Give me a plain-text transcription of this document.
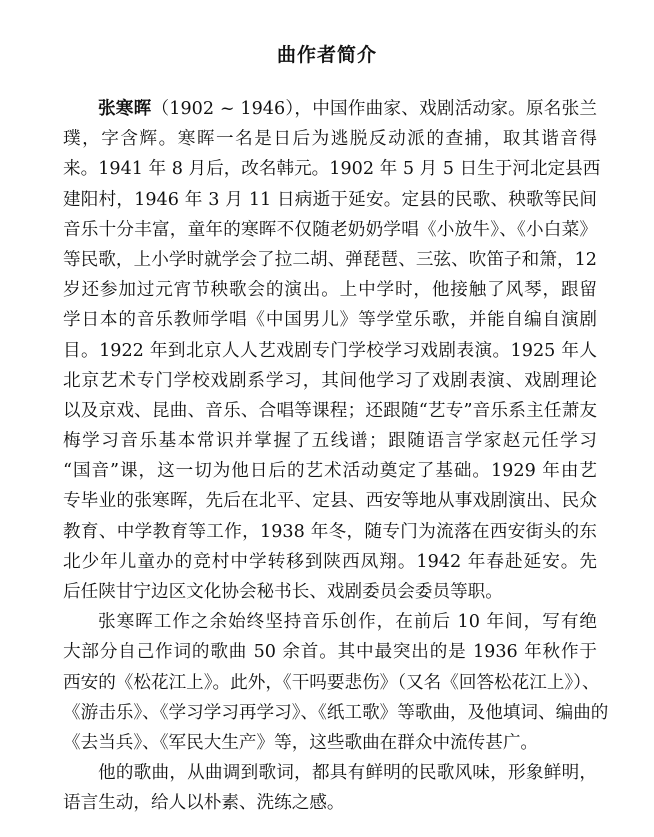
曲作者简介
张寒晖（1902 ~ 1946），中国作曲家、戏剧活动家。原名张兰
璞，字含辉。寒晖一名是日后为逃脱反动派的查捕，取其谐音得
来。1941 年 8 月后，改名韩元。1902 年 5 月 5 日生于河北定县西
建阳村，1946 年 3 月 11 日病逝于延安。定县的民歌、秧歌等民间
音乐十分丰富，童年的寒晖不仅随老奶奶学唱《小放牛》、《小白菜》
等民歌，上小学时就学会了拉二胡、弹琵琶、三弦、吹笛子和箫，12
岁还参加过元宵节秧歌会的演出。上中学时，他接触了风琴，跟留
学日本的音乐教师学唱《中国男儿》等学堂乐歌，并能自编自演剧
目。1922 年到北京人人艺戏剧专门学校学习戏剧表演。1925 年人
北京艺术专门学校戏剧系学习，其间他学习了戏剧表演、戏剧理论
以及京戏、昆曲、音乐、合唱等课程；还跟随“艺专”音乐系主任萧友
梅学习音乐基本常识并掌握了五线谱；跟随语言学家赵元任学习
“国音”课，这一切为他日后的艺术活动奠定了基础。1929 年由艺
专毕业的张寒晖，先后在北平、定县、西安等地从事戏剧演出、民众
教育、中学教育等工作，1938 年冬，随专门为流落在西安街头的东
北少年儿童办的竞村中学转移到陕西凤翔。1942 年春赴延安。先
后任陕甘宁边区文化协会秘书长、戏剧委员会委员等职。
张寒晖工作之余始终坚持音乐创作，在前后 10 年间，写有绝
大部分自己作词的歌曲 50 余首。其中最突出的是 1936 年秋作于
西安的《松花江上》。此外，《干吗要悲伤》（又名《回答松花江上》）、
《游击乐》、《学习学习再学习》、《纸工歌》等歌曲，及他填词、编曲的
《去当兵》、《军民大生产》等，这些歌曲在群众中流传甚广。
他的歌曲，从曲调到歌词，都具有鲜明的民歌风味，形象鲜明，
语言生动，给人以朴素、洗练之感。
